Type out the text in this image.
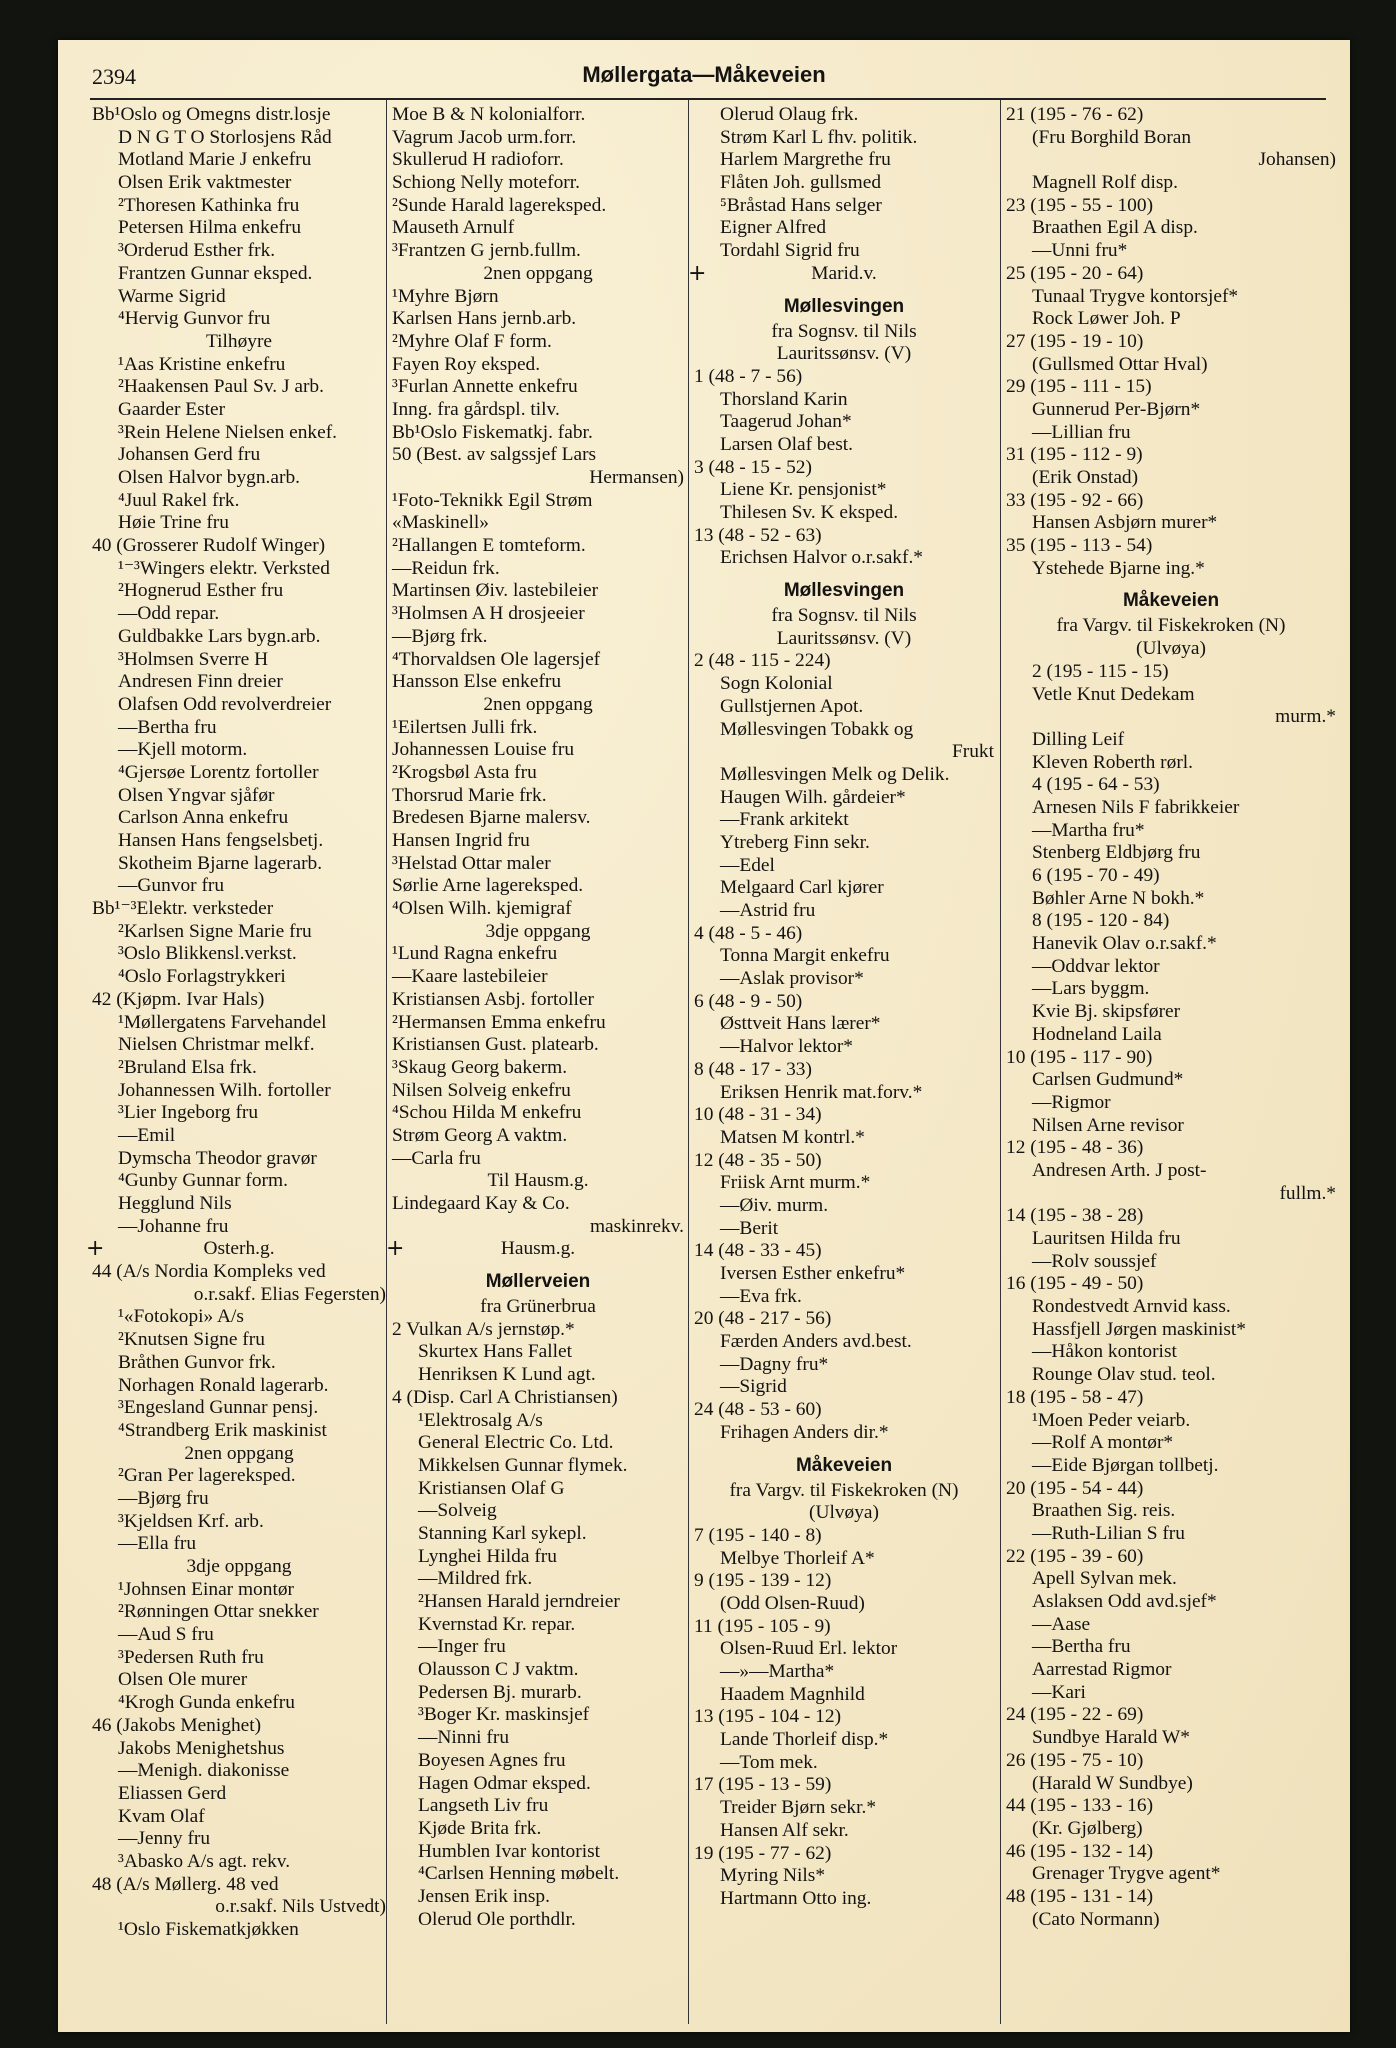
2394	Møllergata—Måkeveien
Bb¹Oslo og Omegns distr.losje
D N G T O Storlosjens Råd
Motland Marie J enkefru
Olsen Erik vaktmester
²Thoresen Kathinka fru
Petersen Hilma enkefru
³Orderud Esther frk.
Frantzen Gunnar eksped.
Warme Sigrid
⁴Hervig Gunvor fru
Tilhøyre
¹Aas Kristine enkefru
²Haakensen Paul Sv. J arb.
Gaarder Ester
³Rein Helene Nielsen enkef.
Johansen Gerd fru
Olsen Halvor bygn.arb.
⁴Juul Rakel frk.
Høie Trine fru
40 (Grosserer Rudolf Winger)
¹⁻³Wingers elektr. Verksted
²Hognerud Esther fru
—Odd repar.
Guldbakke Lars bygn.arb.
³Holmsen Sverre H
Andresen Finn dreier
Olafsen Odd revolverdreier
—Bertha fru
—Kjell motorm.
⁴Gjersøe Lorentz fortoller
Olsen Yngvar sjåfør
Carlson Anna enkefru
Hansen Hans fengselsbetj.
Skotheim Bjarne lagerarb.
—Gunvor fru
Bb¹⁻³Elektr. verksteder
²Karlsen Signe Marie fru
³Oslo Blikkensl.verkst.
⁴Oslo Forlagstrykkeri
42 (Kjøpm. Ivar Hals)
¹Møllergatens Farvehandel
Nielsen Christmar melkf.
²Bruland Elsa frk.
Johannessen Wilh. fortoller
³Lier Ingeborg fru
—Emil
Dymscha Theodor gravør
⁴Gunby Gunnar form.
Hegglund Nils
—Johanne fru
+	Osterh.g.
44 (A/s Nordia Kompleks ved
o.r.sakf. Elias Fegersten)
¹«Fotokopi» A/s
²Knutsen Signe fru
Bråthen Gunvor frk.
Norhagen Ronald lagerarb.
³Engesland Gunnar pensj.
⁴Strandberg Erik maskinist
2nen oppgang
²Gran Per lagereksped.
—Bjørg fru
³Kjeldsen Krf. arb.
—Ella fru
3dje oppgang
¹Johnsen Einar montør
²Rønningen Ottar snekker
—Aud S fru
³Pedersen Ruth fru
Olsen Ole murer
⁴Krogh Gunda enkefru
46 (Jakobs Menighet)
Jakobs Menighetshus
—Menigh. diakonisse
Eliassen Gerd
Kvam Olaf
—Jenny fru
³Abasko A/s agt. rekv.
48 (A/s Møllerg. 48 ved
o.r.sakf. Nils Ustvedt)
¹Oslo Fiskematkjøkken
Moe B & N kolonialforr.
Vagrum Jacob urm.forr.
Skullerud H radioforr.
Schiong Nelly moteforr.
²Sunde Harald lagereksped.
Mauseth Arnulf
³Frantzen G jernb.fullm.
2nen oppgang
¹Myhre Bjørn
Karlsen Hans jernb.arb.
²Myhre Olaf F form.
Fayen Roy eksped.
³Furlan Annette enkefru
Inng. fra gårdspl. tilv.
Bb¹Oslo Fiskematkj. fabr.
50 (Best. av salgssjef Lars
Hermansen)
¹Foto-Teknikk Egil Strøm
«Maskinell»
²Hallangen E tomteform.
—Reidun frk.
Martinsen Øiv. lastebileier
³Holmsen A H drosjeeier
—Bjørg frk.
⁴Thorvaldsen Ole lagersjef
Hansson Else enkefru
2nen oppgang
¹Eilertsen Julli frk.
Johannessen Louise fru
²Krogsbøl Asta fru
Thorsrud Marie frk.
Bredesen Bjarne malersv.
Hansen Ingrid fru
³Helstad Ottar maler
Sørlie Arne lagereksped.
⁴Olsen Wilh. kjemigraf
3dje oppgang
¹Lund Ragna enkefru
—Kaare lastebileier
Kristiansen Asbj. fortoller
²Hermansen Emma enkefru
Kristiansen Gust. platearb.
³Skaug Georg bakerm.
Nilsen Solveig enkefru
⁴Schou Hilda M enkefru
Strøm Georg A vaktm.
—Carla fru
Til Hausm.g.
Lindegaard Kay & Co.
maskinrekv.
+	Hausm.g.
Møllerveien
fra Grünerbrua
2 Vulkan A/s jernstøp.*
Skurtex Hans Fallet
Henriksen K Lund agt.
4 (Disp. Carl A Christiansen)
¹Elektrosalg A/s
General Electric Co. Ltd.
Mikkelsen Gunnar flymek.
Kristiansen Olaf G
—Solveig
Stanning Karl sykepl.
Lynghei Hilda fru
—Mildred frk.
²Hansen Harald jerndreier
Kvernstad Kr. repar.
—Inger fru
Olausson C J vaktm.
Pedersen Bj. murarb.
³Boger Kr. maskinsjef
—Ninni fru
Boyesen Agnes fru
Hagen Odmar eksped.
Langseth Liv fru
Kjøde Brita frk.
Humblen Ivar kontorist
⁴Carlsen Henning møbelt.
Jensen Erik insp.
Olerud Ole porthdlr.
Olerud Olaug frk.
Strøm Karl L fhv. politik.
Harlem Margrethe fru
Flåten Joh. gullsmed
⁵Bråstad Hans selger
Eigner Alfred
Tordahl Sigrid fru
+	Marid.v.
Møllesvingen
fra Sognsv. til Nils
Lauritssønsv. (V)
1 (48 - 7 - 56)
Thorsland Karin
Taagerud Johan*
Larsen Olaf best.
3 (48 - 15 - 52)
Liene Kr. pensjonist*
Thilesen Sv. K eksped.
13 (48 - 52 - 63)
Erichsen Halvor o.r.sakf.*
Møllesvingen
fra Sognsv. til Nils
Lauritssønsv. (V)
2 (48 - 115 - 224)
Sogn Kolonial
Gullstjernen Apot.
Møllesvingen Tobakk og
Frukt
Møllesvingen Melk og Delik.
Haugen Wilh. gårdeier*
—Frank arkitekt
Ytreberg Finn sekr.
—Edel
Melgaard Carl kjører
—Astrid fru
4 (48 - 5 - 46)
Tonna Margit enkefru
—Aslak provisor*
6 (48 - 9 - 50)
Østtveit Hans lærer*
—Halvor lektor*
8 (48 - 17 - 33)
Eriksen Henrik mat.forv.*
10 (48 - 31 - 34)
Matsen M kontrl.*
12 (48 - 35 - 50)
Friisk Arnt murm.*
—Øiv. murm.
—Berit
14 (48 - 33 - 45)
Iversen Esther enkefru*
—Eva frk.
20 (48 - 217 - 56)
Færden Anders avd.best.
—Dagny fru*
—Sigrid
24 (48 - 53 - 60)
Frihagen Anders dir.*
Måkeveien
fra Vargv. til Fiskekroken (N)
(Ulvøya)
7 (195 - 140 - 8)
Melbye Thorleif A*
9 (195 - 139 - 12)
(Odd Olsen-Ruud)
11 (195 - 105 - 9)
Olsen-Ruud Erl. lektor
—»—Martha*
Haadem Magnhild
13 (195 - 104 - 12)
Lande Thorleif disp.*
—Tom mek.
17 (195 - 13 - 59)
Treider Bjørn sekr.*
Hansen Alf sekr.
19 (195 - 77 - 62)
Myring Nils*
Hartmann Otto ing.
21 (195 - 76 - 62)
(Fru Borghild Boran
Johansen)
Magnell Rolf disp.
23 (195 - 55 - 100)
Braathen Egil A disp.
—Unni fru*
25 (195 - 20 - 64)
Tunaal Trygve kontorsjef*
Rock Løwer Joh. P
27 (195 - 19 - 10)
(Gullsmed Ottar Hval)
29 (195 - 111 - 15)
Gunnerud Per-Bjørn*
—Lillian fru
31 (195 - 112 - 9)
(Erik Onstad)
33 (195 - 92 - 66)
Hansen Asbjørn murer*
35 (195 - 113 - 54)
Ystehede Bjarne ing.*
Måkeveien
fra Vargv. til Fiskekroken (N)
(Ulvøya)
2 (195 - 115 - 15)
Vetle Knut Dedekam
murm.*
Dilling Leif
Kleven Roberth rørl.
4 (195 - 64 - 53)
Arnesen Nils F fabrikkeier
—Martha fru*
Stenberg Eldbjørg fru
6 (195 - 70 - 49)
Bøhler Arne N bokh.*
8 (195 - 120 - 84)
Hanevik Olav o.r.sakf.*
—Oddvar lektor
—Lars byggm.
Kvie Bj. skipsfører
Hodneland Laila
10 (195 - 117 - 90)
Carlsen Gudmund*
—Rigmor
Nilsen Arne revisor
12 (195 - 48 - 36)
Andresen Arth. J post-
fullm.*
14 (195 - 38 - 28)
Lauritsen Hilda fru
—Rolv soussjef
16 (195 - 49 - 50)
Rondestvedt Arnvid kass.
Hassfjell Jørgen maskinist*
—Håkon kontorist
Rounge Olav stud. teol.
18 (195 - 58 - 47)
¹Moen Peder veiarb.
—Rolf A montør*
—Eide Bjørgan tollbetj.
20 (195 - 54 - 44)
Braathen Sig. reis.
—Ruth-Lilian S fru
22 (195 - 39 - 60)
Apell Sylvan mek.
Aslaksen Odd avd.sjef*
—Aase
—Bertha fru
Aarrestad Rigmor
—Kari
24 (195 - 22 - 69)
Sundbye Harald W*
26 (195 - 75 - 10)
(Harald W Sundbye)
44 (195 - 133 - 16)
(Kr. Gjølberg)
46 (195 - 132 - 14)
Grenager Trygve agent*
48 (195 - 131 - 14)
(Cato Normann)
